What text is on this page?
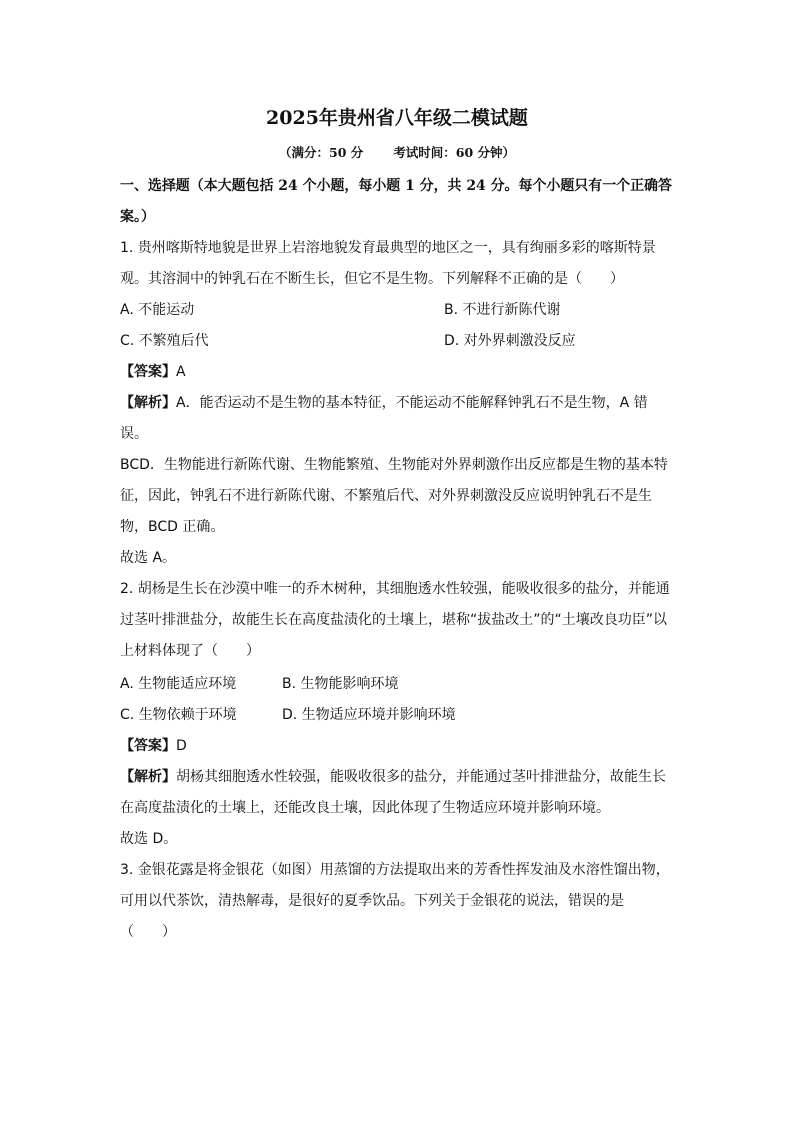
2025年贵州省八年级二模试题
（满分：50 分 考试时间：60 分钟）
一、选择题（本大题包括 24 个小题，每小题 1 分，共 24 分。每个小题只有一个正确答
案。）
1. 贵州喀斯特地貌是世界上岩溶地貌发育最典型的地区之一，具有绚丽多彩的喀斯特景
观。其溶洞中的钟乳石在不断生长，但它不是生物。下列解释不正确的是（　　）
A. 不能运动	B. 不进行新陈代谢
C. 不繁殖后代	D. 对外界刺激没反应
【答案】A
【解析】A．能否运动不是生物的基本特征，不能运动不能解释钟乳石不是生物，A 错
误。
BCD．生物能进行新陈代谢、生物能繁殖、生物能对外界刺激作出反应都是生物的基本特
征，因此，钟乳石不进行新陈代谢、不繁殖后代、对外界刺激没反应说明钟乳石不是生
物，BCD 正确。
故选 A。
2. 胡杨是生长在沙漠中唯一的乔木树种，其细胞透水性较强，能吸收很多的盐分，并能通
过茎叶排泄盐分，故能生长在高度盐渍化的土壤上，堪称“拔盐改土”的“土壤改良功臣”以
上材料体现了（　　）
A. 生物能适应环境	B. 生物能影响环境
C. 生物依赖于环境	D. 生物适应环境并影响环境
【答案】D
【解析】胡杨其细胞透水性较强，能吸收很多的盐分，并能通过茎叶排泄盐分，故能生长
在高度盐渍化的土壤上，还能改良土壤，因此体现了生物适应环境并影响环境。
故选 D。
3. 金银花露是将金银花（如图）用蒸馏的方法提取出来的芳香性挥发油及水溶性馏出物，
可用以代茶饮，清热解毒，是很好的夏季饮品。下列关于金银花的说法，错误的是
（　　）
